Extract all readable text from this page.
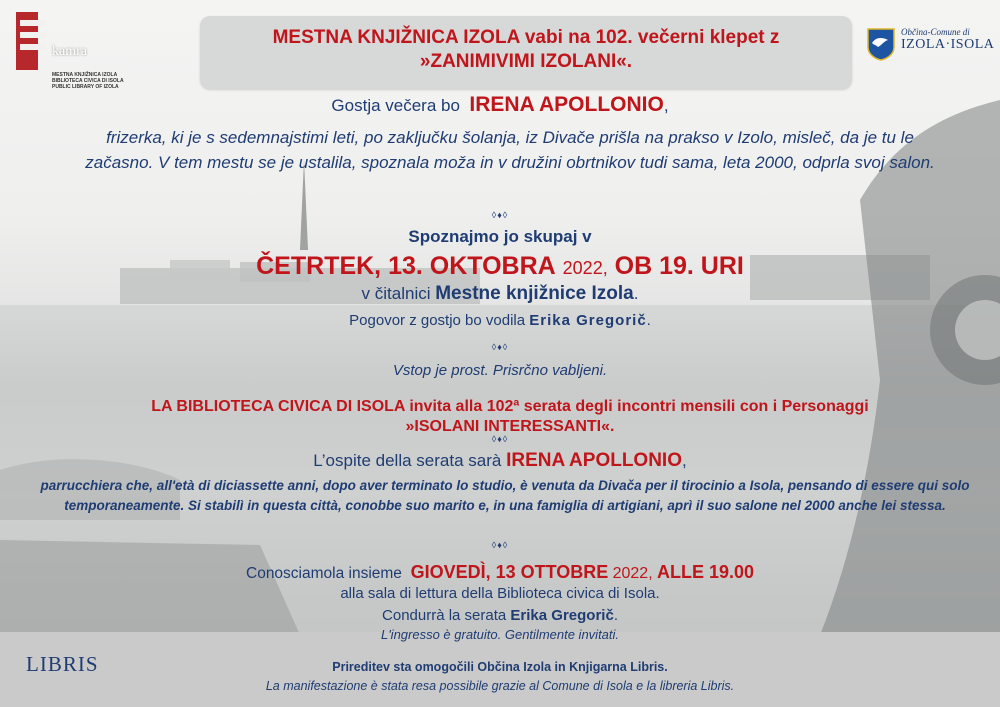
MESTNA KNJIŽNICA IZOLA vabi na 102. večerni klepet z
»ZANIMIVIMI IZOLANI«.
kamra
MESTNA KNJIŽNICA IZOLA
BIBLIOTECA CIVICA DI ISOLA
PUBLIC LIBRARY OF IZOLA
Občina-Comune di
IZOLA·ISOLA
Gostja večera bo IRENA APOLLONIO,
frizerka, ki je s sedemnajstimi leti, po zaključku šolanja, iz Divače prišla na prakso v Izolo, misleč, da je tu le začasno. V tem mestu se je ustalila, spoznala moža in v družini obrtnikov tudi sama, leta 2000, odprla svoj salon.
◊♦◊
Spoznajmo jo skupaj v
ČETRTEK, 13. OKTOBRA 2022, OB 19. URI
v čitalnici Mestne knjižnice Izola.
Pogovor z gostjo bo vodila Erika Gregorič.
◊♦◊
Vstop je prost. Prisrčno vabljeni.
LA BIBLIOTECA CIVICA DI ISOLA invita alla 102ª serata degli incontri mensili con i Personaggi
»ISOLANI INTERESSANTI«.
◊♦◊
L’ospite della serata sarà IRENA APOLLONIO,
parrucchiera che, all'età di diciassette anni, dopo aver terminato lo studio, è venuta da Divača per il tirocinio a Isola, pensando di essere qui solo temporaneamente. Si stabilì in questa città, conobbe suo marito e, in una famiglia di artigiani, aprì il suo salone nel 2000 anche lei stessa.
◊♦◊
Conosciamola insieme GIOVEDÌ, 13 OTTOBRE 2022, ALLE 19.00
alla sala di lettura della Biblioteca civica di Isola.
Condurrà la serata Erika Gregorič.
L'ingresso è gratuito. Gentilmente invitati.
LIBRIS	Prireditev sta omogočili Občina Izola in Knjigarna Libris.
La manifestazione è stata resa possibile grazie al Comune di Isola e la libreria Libris.
